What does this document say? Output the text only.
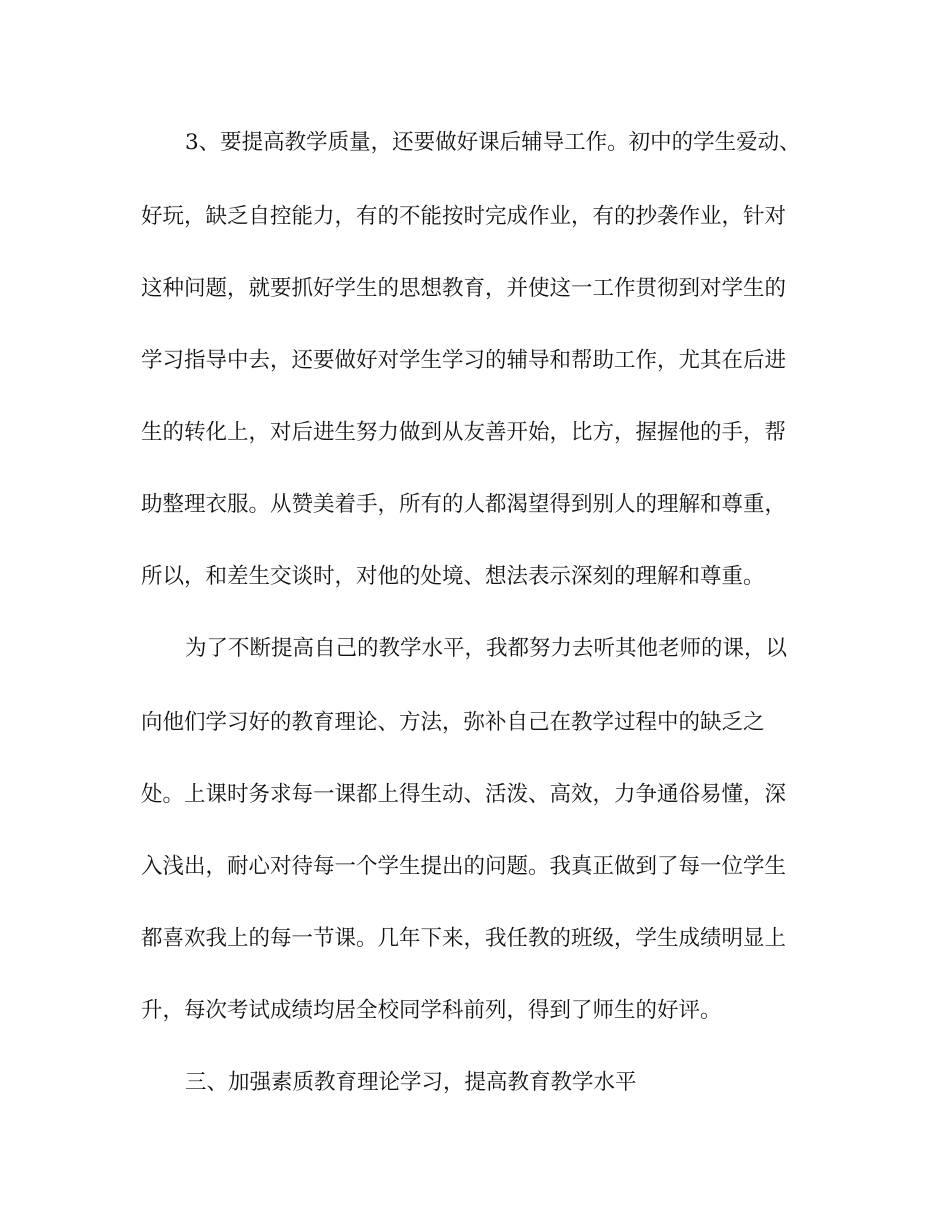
3、要提高教学质量，还要做好课后辅导工作。初中的学生爱动、
好玩，缺乏自控能力，有的不能按时完成作业，有的抄袭作业，针对
这种问题，就要抓好学生的思想教育，并使这一工作贯彻到对学生的
学习指导中去，还要做好对学生学习的辅导和帮助工作，尤其在后进
生的转化上，对后进生努力做到从友善开始，比方，握握他的手，帮
助整理衣服。从赞美着手，所有的人都渴望得到别人的理解和尊重，
所以，和差生交谈时，对他的处境、想法表示深刻的理解和尊重。
为了不断提高自己的教学水平，我都努力去听其他老师的课，以
向他们学习好的教育理论、方法，弥补自己在教学过程中的缺乏之
处。上课时务求每一课都上得生动、活泼、高效，力争通俗易懂，深
入浅出，耐心对待每一个学生提出的问题。我真正做到了每一位学生
都喜欢我上的每一节课。几年下来，我任教的班级，学生成绩明显上
升，每次考试成绩均居全校同学科前列，得到了师生的好评。
三、加强素质教育理论学习，提高教育教学水平
